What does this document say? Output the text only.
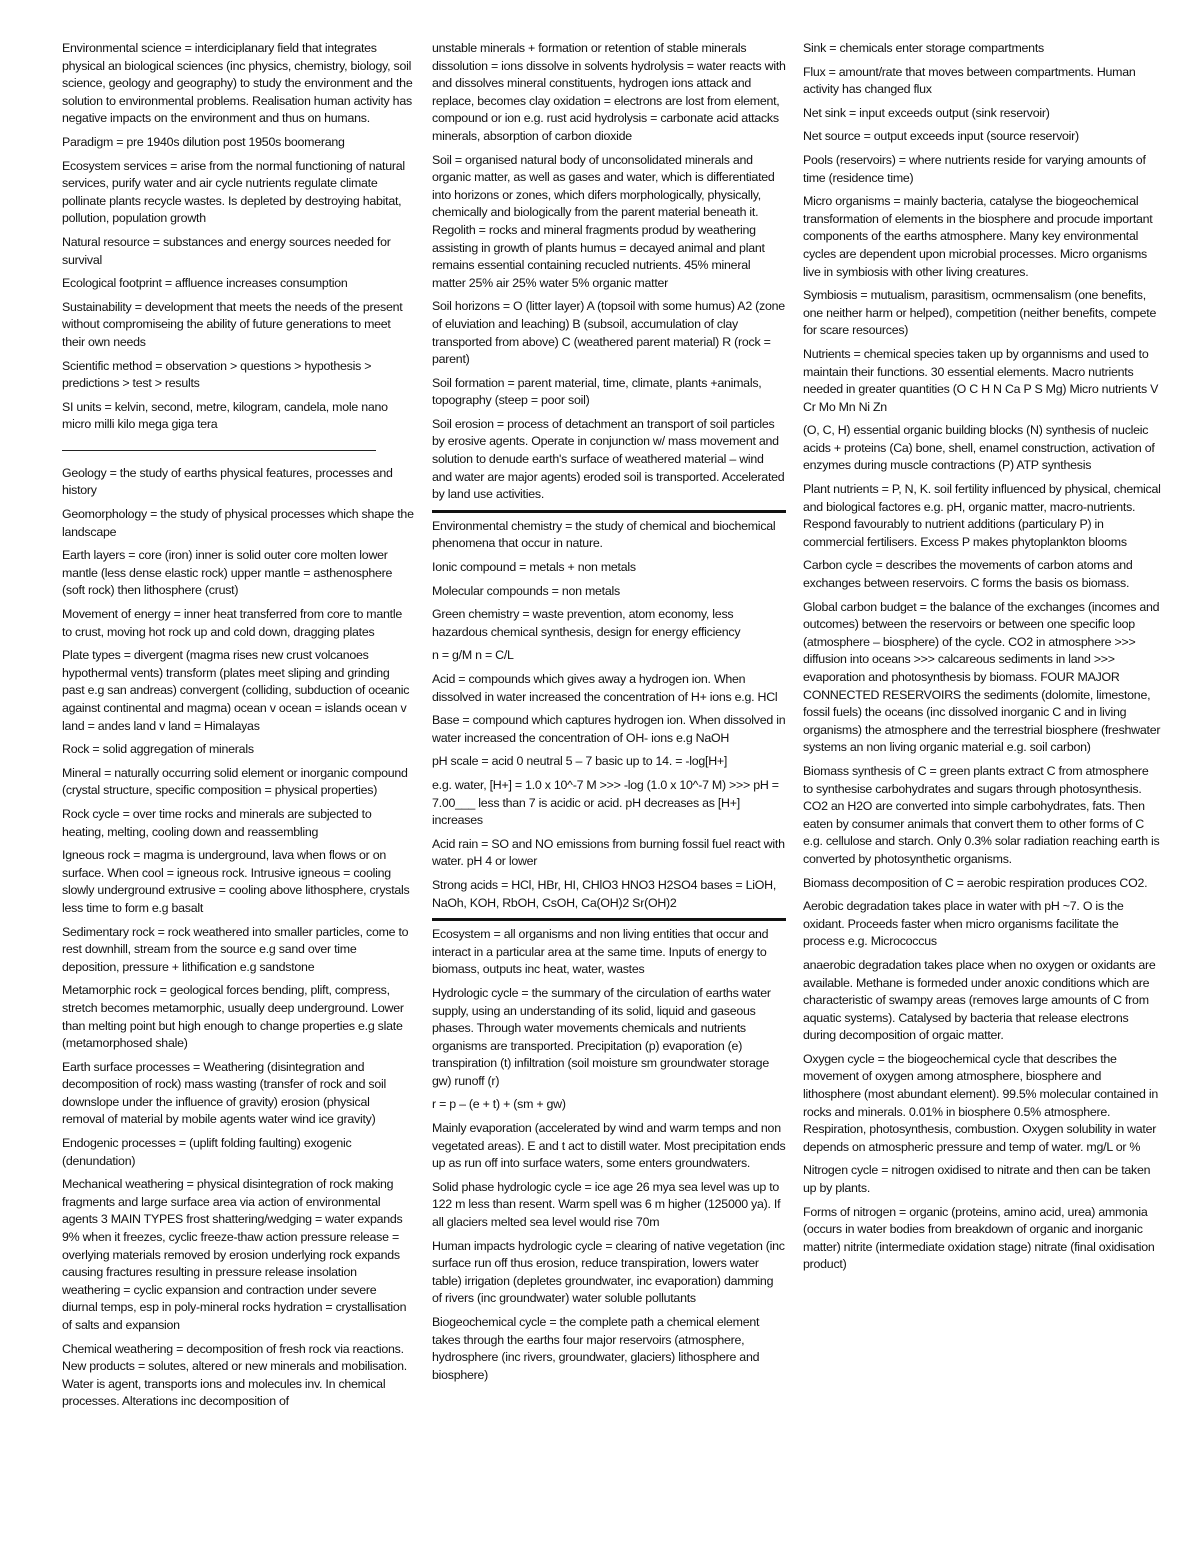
Environmental science = interdiciplanary field that integrates physical an biological sciences (inc physics, chemistry, biology, soil science, geology and geography) to study the environment and the solution to environmental problems. Realisation human activity has negative impacts on the environment and thus on humans.

Paradigm = pre 1940s dilution post 1950s boomerang

Ecosystem services = arise from the normal functioning of natural services, purify water and air cycle nutrients regulate climate pollinate plants recycle wastes. Is depleted by destroying habitat, pollution, population growth

Natural resource = substances and energy sources needed for survival

Ecological footprint = affluence increases consumption

Sustainability = development that meets the needs of the present without compromiseing the ability of future generations to meet their own needs

Scientific method = observation > questions > hypothesis > predictions > test > results

SI units = kelvin, second, metre, kilogram, candela, mole nano micro milli kilo mega giga tera

Geology = the study of earths physical features, processes and history

Geomorphology = the study of physical processes which shape the landscape

Earth layers = core (iron) inner is solid outer core molten lower mantle (less dense elastic rock) upper mantle = asthenosphere (soft rock) then lithosphere (crust)

Movement of energy = inner heat transferred from core to mantle to crust, moving hot rock up and cold down, dragging plates

Plate types = divergent (magma rises new crust volcanoes hypothermal vents) transform (plates meet sliping and grinding past e.g san andreas) convergent (colliding, subduction of oceanic against continental and magma) ocean v ocean = islands ocean v land = andes land v land = Himalayas

Rock = solid aggregation of minerals

Mineral = naturally occurring solid element or inorganic compound (crystal structure, specific composition = physical properties)

Rock cycle = over time rocks and minerals are subjected to heating, melting, cooling down and reassembling

Igneous rock = magma is underground, lava when flows or on surface. When cool = igneous rock. Intrusive igneous = cooling slowly underground extrusive = cooling above lithosphere, crystals less time to form e.g basalt

Sedimentary rock = rock weathered into smaller particles, come to rest downhill, stream from the source e.g sand over time deposition, pressure + lithification e.g sandstone

Metamorphic rock = geological forces bending, plift, compress, stretch becomes metamorphic, usually deep underground. Lower than melting point but high enough to change properties e.g slate (metamorphosed shale)

Earth surface processes = Weathering (disintegration and decomposition of rock) mass wasting (transfer of rock and soil downslope under the influence of gravity) erosion (physical removal of material by mobile agents water wind ice gravity)

Endogenic processes = (uplift folding faulting) exogenic (denundation)

Mechanical weathering = physical disintegration of rock making fragments and large surface area via action of environmental agents 3 MAIN TYPES frost shattering/wedging = water expands 9% when it freezes, cyclic freeze-thaw action pressure release = overlying materials removed by erosion underlying rock expands causing fractures resulting in pressure release insolation weathering = cyclic expansion and contraction under severe diurnal temps, esp in poly-mineral rocks hydration = crystallisation of salts and expansion

Chemical weathering = decomposition of fresh rock via reactions. New products = solutes, altered or new minerals and mobilisation. Water is agent, transports ions and molecules inv. In chemical processes. Alterations inc decomposition of

unstable minerals + formation or retention of stable minerals dissolution = ions dissolve in solvents hydrolysis = water reacts with and dissolves mineral constituents, hydrogen ions attack and replace, becomes clay oxidation = electrons are lost from element, compound or ion e.g. rust acid hydrolysis = carbonate acid attacks minerals, absorption of carbon dioxide

Soil = organised natural body of unconsolidated minerals and organic matter, as well as gases and water, which is differentiated into horizons or zones, which difers morphologically, physically, chemically and biologically from the parent material beneath it. Regolith = rocks and mineral fragments produd by weathering assisting in growth of plants humus = decayed animal and plant remains essential containing recucled nutrients. 45% mineral matter 25% air 25% water 5% organic matter

Soil horizons = O (litter layer) A (topsoil with some humus) A2 (zone of eluviation and leaching) B (subsoil, accumulation of clay transported from above) C (weathered parent material) R (rock = parent)

Soil formation = parent material, time, climate, plants +animals, topography (steep = poor soil)

Soil erosion = process of detachment an transport of soil particles by erosive agents. Operate in conjunction w/ mass movement and solution to denude earth's surface of weathered material – wind and water are major agents) eroded soil is transported. Accelerated by land use activities.

Environmental chemistry = the study of chemical and biochemical phenomena that occur in nature.

Ionic compound = metals + non metals

Molecular compounds = non metals

Green chemistry = waste prevention, atom economy, less hazardous chemical synthesis, design for energy efficiency

n = g/M n = C/L

Acid = compounds which gives away a hydrogen ion. When dissolved in water increased the concentration of H+ ions e.g. HCl

Base = compound which captures hydrogen ion. When dissolved in water increased the concentration of OH- ions e.g NaOH

pH scale = acid 0 neutral 5 – 7 basic up to 14. = -log[H+]

e.g. water, [H+] = 1.0 x 10^-7 M >>> -log (1.0 x 10^-7 M) >>> pH = 7.00___ less than 7 is acidic or acid. pH decreases as [H+] increases

Acid rain = SO and NO emissions from burning fossil fuel react with water. pH 4 or lower

Strong acids = HCl, HBr, HI, CHlO3 HNO3 H2SO4 bases = LiOH, NaOh, KOH, RbOH, CsOH, Ca(OH)2 Sr(OH)2

Ecosystem = all organisms and non living entities that occur and interact in a particular area at the same time. Inputs of energy to biomass, outputs inc heat, water, wastes

Hydrologic cycle = the summary of the circulation of earths water supply, using an understanding of its solid, liquid and gaseous phases. Through water movements chemicals and nutrients organisms are transported. Precipitation (p) evaporation (e) transpiration (t) infiltration (soil moisture sm groundwater storage gw) runoff (r)

r = p – (e + t) + (sm + gw)

Mainly evaporation (accelerated by wind and warm temps and non vegetated areas). E and t act to distill water. Most precipitation ends up as run off into surface waters, some enters groundwaters.

Solid phase hydrologic cycle = ice age 26 mya sea level was up to 122 m less than resent. Warm spell was 6 m higher (125000 ya). If all glaciers melted sea level would rise 70m

Human impacts hydrologic cycle = clearing of native vegetation (inc surface run off thus erosion, reduce transpiration, lowers water table) irrigation (depletes groundwater, inc evaporation) damming of rivers (inc groundwater) water soluble pollutants

Biogeochemical cycle = the complete path a chemical element takes through the earths four major reservoirs (atmosphere, hydrosphere (inc rivers, groundwater, glaciers) lithosphere and biosphere)

Sink = chemicals enter storage compartments

Flux = amount/rate that moves between compartments. Human activity has changed flux

Net sink = input exceeds output (sink reservoir)

Net source = output exceeds input (source reservoir)

Pools (reservoirs) = where nutrients reside for varying amounts of time (residence time)

Micro organisms = mainly bacteria, catalyse the biogeochemical transformation of elements in the biosphere and procude important components of the earths atmosphere. Many key environmental cycles are dependent upon microbial processes. Micro organisms live in symbiosis with other living creatures.

Symbiosis = mutualism, parasitism, ocmmensalism (one benefits, one neither harm or helped), competition (neither benefits, compete for scare resources)

Nutrients = chemical species taken up by organnisms and used to maintain their functions. 30 essential elements. Macro nutrients needed in greater quantities (O C H N Ca P S Mg) Micro nutrients V Cr Mo Mn Ni Zn

(O, C, H) essential organic building blocks (N) synthesis of nucleic acids + proteins (Ca) bone, shell, enamel construction, activation of enzymes during muscle contractions (P) ATP synthesis

Plant nutrients = P, N, K. soil fertility influenced by physical, chemical and biological factores e.g. pH, organic matter, macro-nutrients. Respond favourably to nutrient additions (particulary P) in commercial fertilisers. Excess P makes phytoplankton blooms

Carbon cycle = describes the movements of carbon atoms and exchanges between reservoirs. C forms the basis os biomass.

Global carbon budget = the balance of the exchanges (incomes and outcomes) between the reservoirs or between one specific loop (atmosphere – biosphere) of the cycle. CO2 in atmosphere >>> diffusion into oceans >>> calcareous sediments in land >>> evaporation and photosynthesis by biomass. FOUR MAJOR CONNECTED RESERVOIRS the sediments (dolomite, limestone, fossil fuels) the oceans (inc dissolved inorganic C and in living organisms) the atmosphere and the terrestrial biosphere (freshwater systems an non living organic material e.g. soil carbon)

Biomass synthesis of C = green plants extract C from atmosphere to synthesise carbohydrates and sugars through photosynthesis. CO2 an H2O are converted into simple carbohydrates, fats. Then eaten by consumer animals that convert them to other forms of C e.g. cellulose and starch. Only 0.3% solar radiation reaching earth is converted by photosynthetic organisms.

Biomass decomposition of C = aerobic respiration produces CO2.

Aerobic degradation takes place in water with pH ~7. O is the oxidant. Proceeds faster when micro organisms facilitate the process e.g. Micrococcus

anaerobic degradation takes place when no oxygen or oxidants are available. Methane is formeded under anoxic conditions which are characteristic of swampy areas (removes large amounts of C from aquatic systems). Catalysed by bacteria that release electrons during decomposition of orgaic matter.

Oxygen cycle = the biogeochemical cycle that describes the movement of oxygen among atmosphere, biosphere and lithosphere (most abundant element). 99.5% molecular contained in rocks and minerals. 0.01% in biosphere 0.5% atmosphere. Respiration, photosynthesis, combustion. Oxygen solubility in water depends on atmospheric pressure and temp of water. mg/L or %

Nitrogen cycle = nitrogen oxidised to nitrate and then can be taken up by plants.

Forms of nitrogen = organic (proteins, amino acid, urea) ammonia (occurs in water bodies from breakdown of organic and inorganic matter) nitrite (intermediate oxidation stage) nitrate (final oxidisation product)
